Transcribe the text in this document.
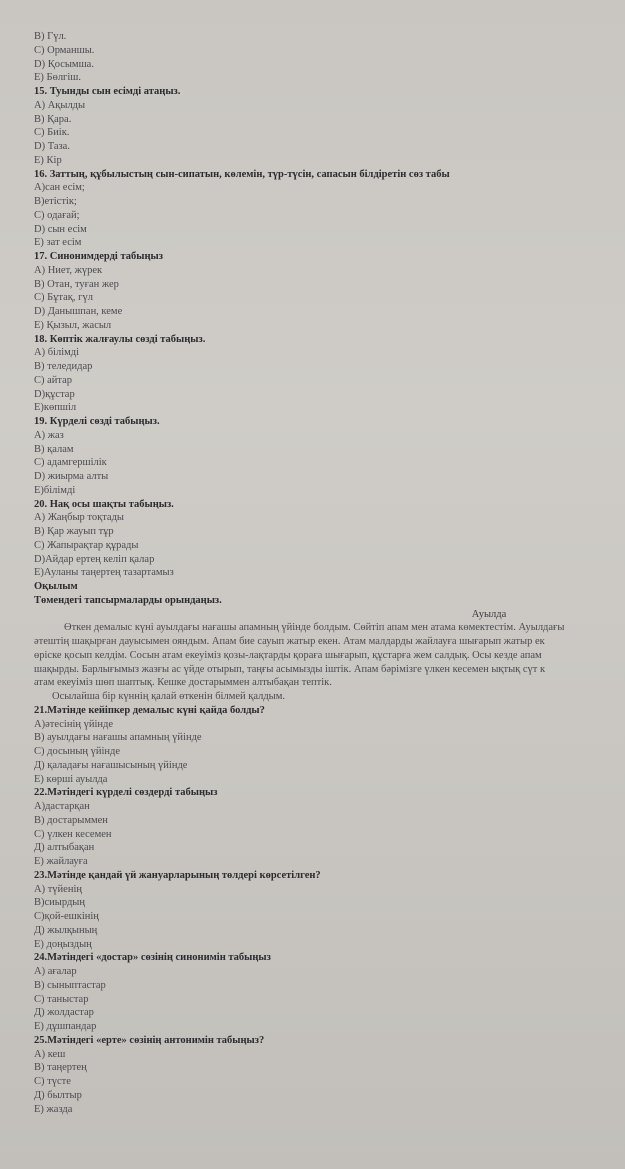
B) Гүл.
C) Орманшы.
D) Қосымша.
E) Бөлгіш.
15. Туынды сын есімді атаңыз.
A) Ақылды
B) Қара.
C) Биік.
D) Таза.
E) Кір
16. Заттың, құбылыстың сын-сипатын, көлемін, түр-түсін, сапасын білдіретін сөз табы
A)сан есім;
B)етістік;
C) одағай;
D) сын есім
E) зат есім
17. Синонимдерді табыңыз
A) Ниет, жүрек
B) Отан, туған жер
C) Бұтақ, гүл
D) Данышпан, кеме
E) Қызыл, жасыл
18. Көптік жалғаулы сөзді табыңыз.
A) білімді
B) теледидар
C) айтар
D)құстар
E)көпшіл
19. Күрделі сөзді табыңыз.
A) жаз
B) қалам
C) адамгершілік
D) жиырма алты
E)білімді
20. Нақ осы шақты табыңыз.
A) Жаңбыр тоқтады
B) Қар жауып тұр
C) Жапырақтар құрады
D)Айдар ертең келіп қалар
E)Ауланы таңертең тазартамыз
Оқылым
Төмендегі тапсырмаларды орындаңыз.
Ауылда
Өткен демалыс күні ауылдағы нағашы апамның үйінде болдым. Сөйтіп апам мен атама көмектестім. Ауылдағы
әтештің шақырған дауысымен ояндым. Апам бие сауып жатыр екен. Атам малдарды жайлауға шығарып жатыр ек
өріске қосып келдім. Сосын атам екеуіміз қозы-лақтарды қораға шығарып, құстарға жем салдық. Осы кезде апам
шақырды. Барлығымыз жазғы ас үйде отырып, таңғы асымызды іштік. Апам бәрімізге үлкен кесемен ықтық сүт к
атам екеуіміз шөп шаптық. Кешке достарыммен алтыбақан тептік.
Осылайша бір күннің қалай өткенін білмей қалдым.
21.Мәтінде кейіпкер демалыс күні қайда болды?
A)әтесінің үйінде
B) ауылдағы нағашы апамның үйінде
C) досының үйінде
Д) қаладағы нағашысының үйінде
E) көрші ауылда
22.Мәтіндегі күрделі сөздерді табыңыз
A)дастарқан
B) достарыммен
C) үлкен кесемен
Д) алтыбақан
E) жайлауға
23.Мәтінде қандай үй жануарларының төлдері көрсетілген?
A) түйенің
B)сиырдың
C)қой-ешкінің
Д) жылқының
E) доңыздың
24.Мәтіндегі «достар» сөзінің синонимін табыңыз
A) ағалар
B) сыныптастар
C) таныстар
Д) жолдастар
E) дұшпандар
25.Мәтіндегі «ерте» сөзінің антонимін табыңыз?
A) кеш
B) таңертең
C) түсте
Д) былтыр
E) жазда
